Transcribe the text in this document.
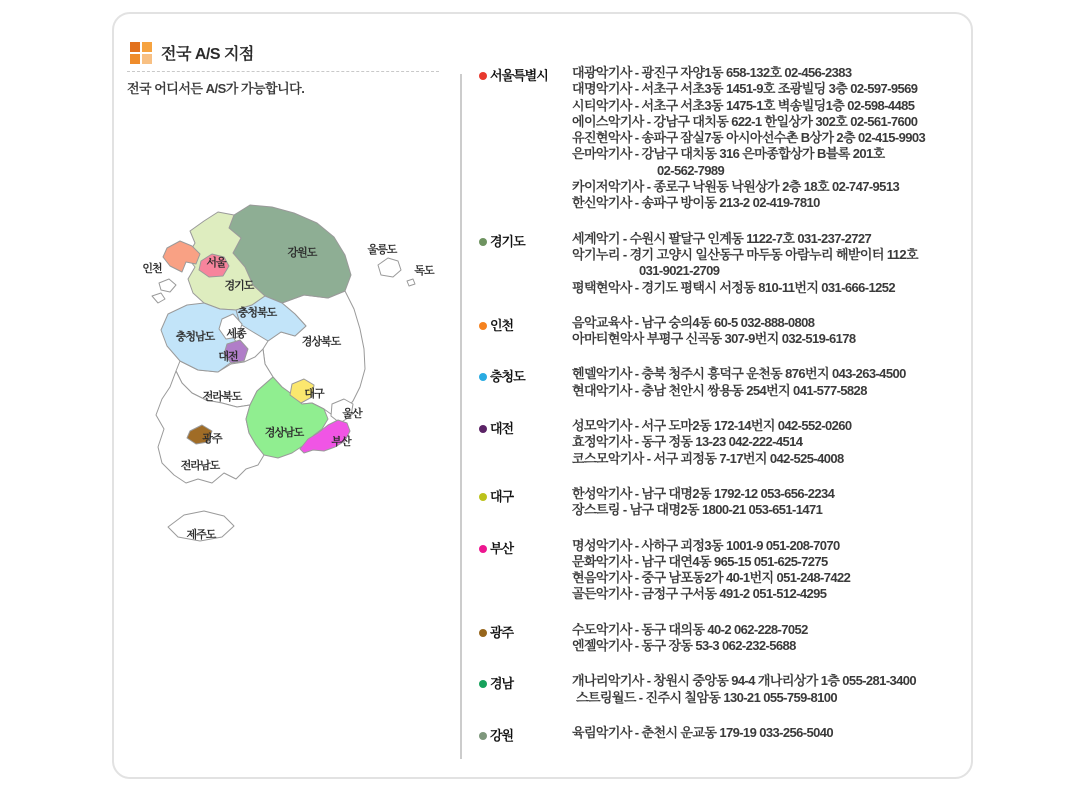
전국 A/S 지점
전국 어디서든 A/S가 가능합니다.
인천	서울
경기도
강원도	울릉도
독도
충청북도
충청남도 세종
대전
경상북도
전라북도	대구
울산
경상남도
부산
광주
전라남도
제주도
서울특별시 대광악기사 - 광진구 자양1동 658-132호 02-456-2383
대명악기사 - 서초구 서초3동 1451-9호 조광빌딩 3층 02-597-9569
시티악기사 - 서초구 서초3동 1475-1호 벽송빌딩1층 02-598-4485
에이스악기사 - 강남구 대치동 622-1 한일상가 302호 02-561-7600
유진현악사 - 송파구 잠실7동 아시아선수촌 B상가 2층 02-415-9903
은마악기사 - 강남구 대치동 316 은마종합상가 B블록 201호
02-562-7989
카이저악기사 - 종로구 낙원동 낙원상가 2층 18호 02-747-9513
한신악기사 - 송파구 방이동 213-2 02-419-7810
경기도	세계악기 - 수원시 팔달구 인계동 1122-7호 031-237-2727
악기누리 - 경기 고양시 일산동구 마두동 아람누리 해받이터 112호
031-9021-2709
평택현악사 - 경기도 평택시 서정동 810-11번지 031-666-1252
인천	음악교육사 - 남구 숭의4동 60-5 032-888-0808
아마티현악사 부평구 신곡동 307-9번지 032-519-6178
충청도	헨델악기사 - 충북 청주시 흥덕구 운천동 876번지 043-263-4500
현대악기사 - 충남 천안시 쌍용동 254번지 041-577-5828
대전	성모악기사 - 서구 도마2동 172-14번지 042-552-0260
효정악기사 - 동구 정동 13-23 042-222-4514
코스모악기사 - 서구 괴정동 7-17번지 042-525-4008
대구	한성악기사 - 남구 대명2동 1792-12 053-656-2234
장스트링 - 남구 대명2동 1800-21 053-651-1471
부산	명성악기사 - 사하구 괴정3동 1001-9 051-208-7070
문화악기사 - 남구 대연4동 965-15 051-625-7275
현음악기사 - 중구 남포동2가 40-1번지 051-248-7422
골든악기사 - 금정구 구서동 491-2 051-512-4295
광주	수도악기사 - 동구 대의동 40-2 062-228-7052
엔젤악기사 - 동구 장동 53-3 062-232-5688
경남	개나리악기사 - 창원시 중앙동 94-4 개나리상가 1층 055-281-3400
스트링월드 - 진주시 칠암동 130-21 055-759-8100
강원	육림악기사 - 춘천시 운교동 179-19 033-256-5040
